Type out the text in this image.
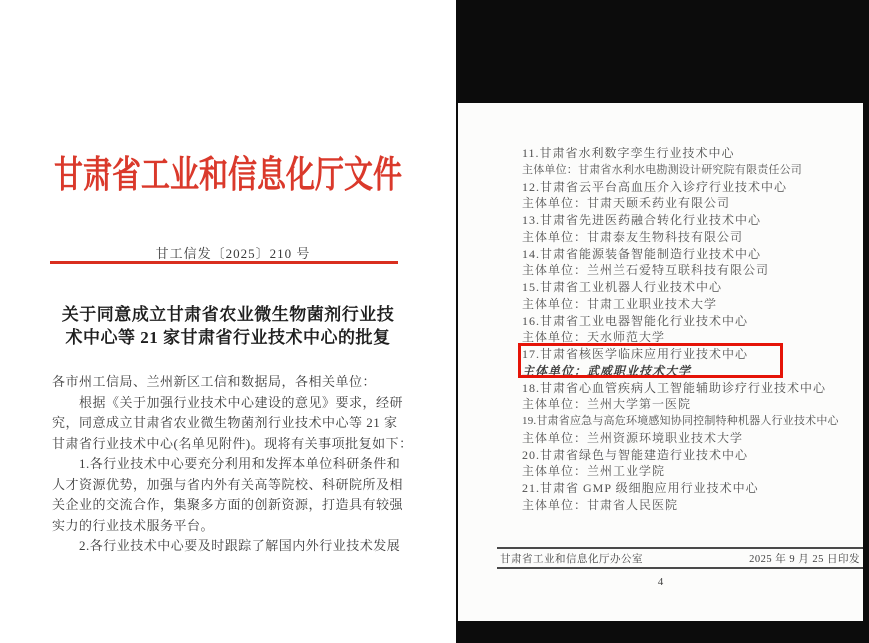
甘肃省工业和信息化厅文件
甘工信发〔2025〕210 号
关于同意成立甘肃省农业微生物菌剂行业技
术中心等 21 家甘肃省行业技术中心的批复
各市州工信局、兰州新区工信和数据局，各相关单位：
　　根据《关于加强行业技术中心建设的意见》要求，经研
究，同意成立甘肃省农业微生物菌剂行业技术中心等 21 家
甘肃省行业技术中心(名单见附件)。现将有关事项批复如下：
　　1.各行业技术中心要充分利用和发挥本单位科研条件和
人才资源优势，加强与省内外有关高等院校、科研院所及相
关企业的交流合作，集聚多方面的创新资源，打造具有较强
实力的行业技术服务平台。
　　2.各行业技术中心要及时跟踪了解国内外行业技术发展
11.甘肃省水利数字孪生行业技术中心
主体单位：甘肃省水利水电勘测设计研究院有限责任公司
12.甘肃省云平台高血压介入诊疗行业技术中心
主体单位：甘肃天颐禾药业有限公司
13.甘肃省先进医药融合转化行业技术中心
主体单位：甘肃泰友生物科技有限公司
14.甘肃省能源装备智能制造行业技术中心
主体单位：兰州兰石爱特互联科技有限公司
15.甘肃省工业机器人行业技术中心
主体单位：甘肃工业职业技术大学
16.甘肃省工业电器智能化行业技术中心
主体单位：天水师范大学
17.甘肃省核医学临床应用行业技术中心
主体单位：武威职业技术大学
18.甘肃省心血管疾病人工智能辅助诊疗行业技术中心
主体单位：兰州大学第一医院
19.甘肃省应急与高危环境感知协同控制特种机器人行业技术中心
主体单位：兰州资源环境职业技术大学
20.甘肃省绿色与智能建造行业技术中心
主体单位：兰州工业学院
21.甘肃省 GMP 级细胞应用行业技术中心
主体单位：甘肃省人民医院
甘肃省工业和信息化厅办公室	2025 年 9 月 25 日印发
4
